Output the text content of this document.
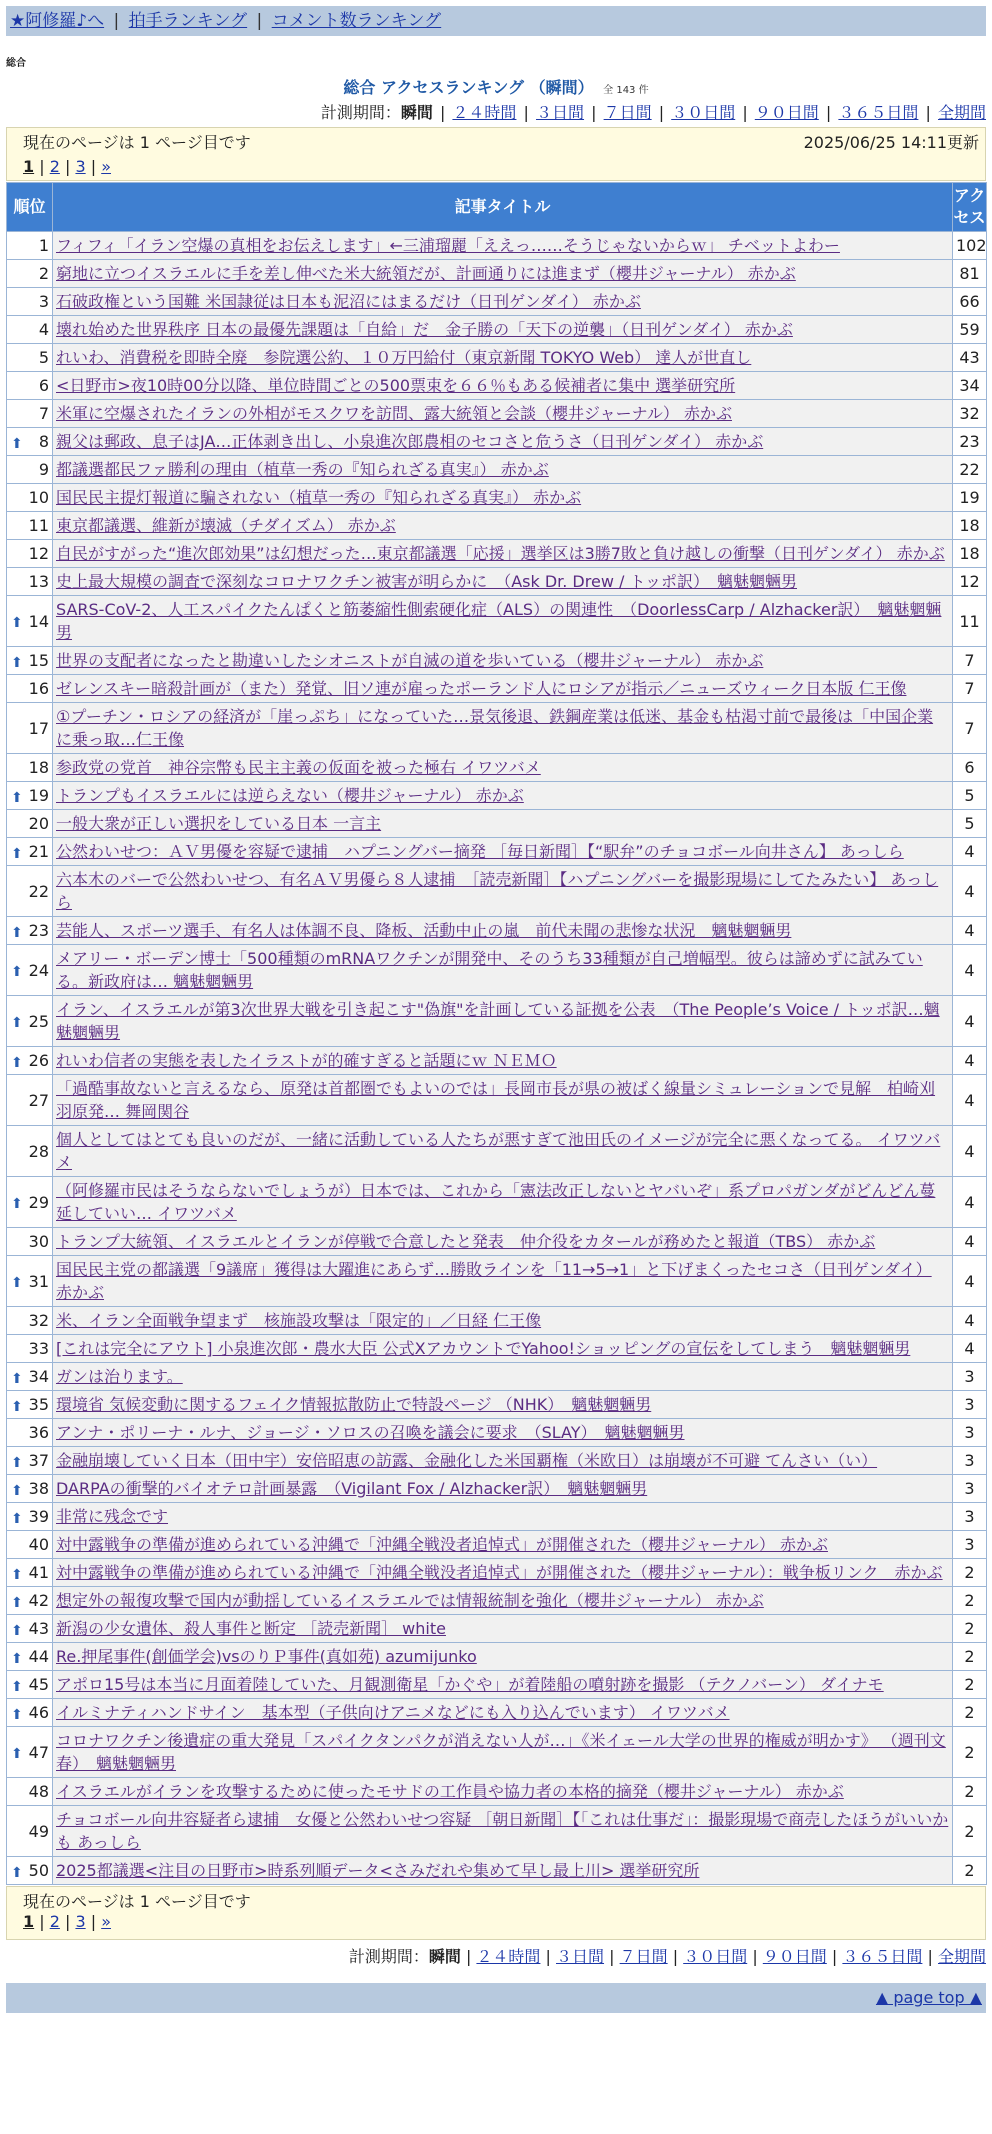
★阿修羅♪へ | 拍手ランキング | コメント数ランキング
総合
総合 アクセスランキング （瞬間） 全 143 件
計測期間：瞬間 | ２４時間 | ３日間 | ７日間 | ３０日間 | ９０日間 | ３６５日間 | 全期間
現在のページは 1 ページ目です	2025/06/25 14:11更新
1 | 2 | 3 | »
順位	記事タイトル	アクセス
1	フィフィ「イラン空爆の真相をお伝えします」←三浦瑠麗「ええっ……そうじゃないからｗ」 チベットよわー	102
2	窮地に立つイスラエルに手を差し伸べた米大統領だが、計画通りには進まず（櫻井ジャーナル） 赤かぶ	81
3	石破政権という国難 米国隷従は日本も泥沼にはまるだけ（日刊ゲンダイ） 赤かぶ	66
4	壊れ始めた世界秩序 日本の最優先課題は「自給」だ　金子勝の「天下の逆襲」（日刊ゲンダイ） 赤かぶ	59
5	れいわ、消費税を即時全廃　参院選公約、１０万円給付（東京新聞 TOKYO Web） 達人が世直し	43
6	<日野市>夜10時00分以降、単位時間ごとの500票束を６６％もある候補者に集中 選挙研究所	34
7	米軍に空爆されたイランの外相がモスクワを訪問、露大統領と会談（櫻井ジャーナル） 赤かぶ	32

⬆ 8	親父は郵政、息子はJA…正体剥き出し、小泉進次郎農相のセコさと危うさ（日刊ゲンダイ） 赤かぶ	23
9	都議選都民ファ勝利の理由（植草一秀の『知られざる真実』） 赤かぶ	22
10	国民民主提灯報道に騙されない（植草一秀の『知られざる真実』） 赤かぶ	19
11	東京都議選、維新が壊滅（チダイズム） 赤かぶ	18
12	自民がすがった“進次郎効果”は幻想だった…東京都議選「応援」選挙区は3勝7敗と負け越しの衝撃（日刊ゲンダイ） 赤かぶ	18
13	史上最大規模の調査で深刻なコロナワクチン被害が明らかに　（Ask Dr. Drew / トッポ訳）　魑魅魍魎男	12

⬆ 14	SARS-CoV-2、人工スパイクたんぱくと筋萎縮性側索硬化症（ALS）の関連性　（DoorlessCarp / Alzhacker訳）　魑魅魍魎男	11

⬆ 15	世界の支配者になったと勘違いしたシオニストが自滅の道を歩いている（櫻井ジャーナル） 赤かぶ	7
16	ゼレンスキー暗殺計画が（また）発覚、旧ソ連が雇ったポーランド人にロシアが指示／ニューズウィーク日本版 仁王像	7
17	①プーチン・ロシアの経済が「崖っぷち」になっていた…景気後退、鉄鋼産業は低迷、基金も枯渇寸前で最後は「中国企業に乗っ取…仁王像	7
18	参政党の党首　神谷宗幣も民主主義の仮面を被った極右 イワツバメ	6

⬆ 19	トランプもイスラエルには逆らえない（櫻井ジャーナル） 赤かぶ	5
20	一般大衆が正しい選択をしている日本 一言主	5

⬆ 21	公然わいせつ：ＡＶ男優を容疑で逮捕　ハプニングバー摘発 ［毎日新聞］【“駅弁”のチョコボール向井さん】 あっしら	4
22	六本木のバーで公然わいせつ、有名ＡＶ男優ら８人逮捕　［読売新聞］【ハプニングバーを撮影現場にしてたみたい】 あっしら	4

⬆ 23	芸能人、スポーツ選手、有名人は体調不良、降板、活動中止の嵐　前代未聞の悲惨な状況　魑魅魍魎男	4

⬆ 24	メアリー・ボーデン博士「500種類のmRNAワクチンが開発中、そのうち33種類が自己増幅型。彼らは諦めずに試みている。新政府は… 魑魅魍魎男	4

⬆ 25	イラン、イスラエルが第3次世界大戦を引き起こす"偽旗"を計画している証拠を公表　（The People’s Voice / トッポ訳…魑魅魍魎男	4

⬆ 26	れいわ信者の実態を表したイラストが的確すぎると話題にｗ ＮＥＭＯ	4
27	「過酷事故ないと言えるなら、原発は首都圏でもよいのでは」長岡市長が県の被ばく線量シミュレーションで見解　柏崎刈羽原発… 舞岡関谷	4
28	個人としてはとても良いのだが、一緒に活動している人たちが悪すぎて池田氏のイメージが完全に悪くなってる。 イワツバメ	4

⬆ 29	（阿修羅市民はそうならないでしょうが）日本では、これから「憲法改正しないとヤバいぞ」系プロパガンダがどんどん蔓延していい… イワツバメ	4
30	トランプ大統領、イスラエルとイランが停戦で合意したと発表　仲介役をカタールが務めたと報道（TBS） 赤かぶ	4

⬆ 31	国民民主党の都議選「9議席」獲得は大躍進にあらず…勝敗ラインを「11→5→1」と下げまくったセコさ（日刊ゲンダイ） 赤かぶ	4
32	米、イラン全面戦争望まず　核施設攻撃は「限定的」／日経 仁王像	4
33	[これは完全にアウト] 小泉進次郎・農水大臣 公式XアカウントでYahoo!ショッピングの宣伝をしてしまう　魑魅魍魎男	4

⬆ 34	ガンは治ります。	3

⬆ 35	環境省 気候変動に関するフェイク情報拡散防止で特設ページ （NHK）　魑魅魍魎男	3
36	アンナ・ポリーナ・ルナ、ジョージ・ソロスの召喚を議会に要求　（SLAY）　魑魅魍魎男	3

⬆ 37	金融崩壊していく日本（田中宇）安倍昭恵の訪露、金融化した米国覇権（米欧日）は崩壊が不可避 てんさい（い）	3

⬆ 38	DARPAの衝撃的バイオテロ計画暴露　（Vigilant Fox / Alzhacker訳）　魑魅魍魎男	3

⬆ 39	非常に残念です	3
40	対中露戦争の準備が進められている沖縄で「沖縄全戦没者追悼式」が開催された（櫻井ジャーナル） 赤かぶ	3

⬆ 41	対中露戦争の準備が進められている沖縄で「沖縄全戦没者追悼式」が開催された（櫻井ジャーナル）：戦争板リンク　赤かぶ	2

⬆ 42	想定外の報復攻撃で国内が動揺しているイスラエルでは情報統制を強化（櫻井ジャーナル） 赤かぶ	2

⬆ 43	新潟の少女遺体、殺人事件と断定 ［読売新聞］ white	2

⬆ 44	Re.押尾事件(創価学会)vsのりＰ事件(真如苑) azumijunko	2

⬆ 45	アポロ15号は本当に月面着陸していた、月観測衛星「かぐや」が着陸船の噴射跡を撮影 （テクノバーン） ダイナモ	2

⬆ 46	イルミナティハンドサイン　基本型（子供向けアニメなどにも入り込んでいます） イワツバメ	2

⬆ 47	コロナワクチン後遺症の重大発見「スパイクタンパクが消えない人が…」《米イェール大学の世界的権威が明かす》 （週刊文春）　魑魅魍魎男	2
48	イスラエルがイランを攻撃するために使ったモサドの工作員や協力者の本格的摘発（櫻井ジャーナル） 赤かぶ	2
49	チョコボール向井容疑者ら逮捕　女優と公然わいせつ容疑 ［朝日新聞］【「これは仕事だ」：撮影現場で商売したほうがいいかも あっしら	2

⬆ 50	2025都議選<注目の日野市>時系列順データ<さみだれや集めて早し最上川> 選挙研究所	2
現在のページは 1 ページ目です
1 | 2 | 3 | »
計測期間：瞬間 | ２４時間 | ３日間 | ７日間 | ３０日間 | ９０日間 | ３６５日間 | 全期間
▲ page top ▲
